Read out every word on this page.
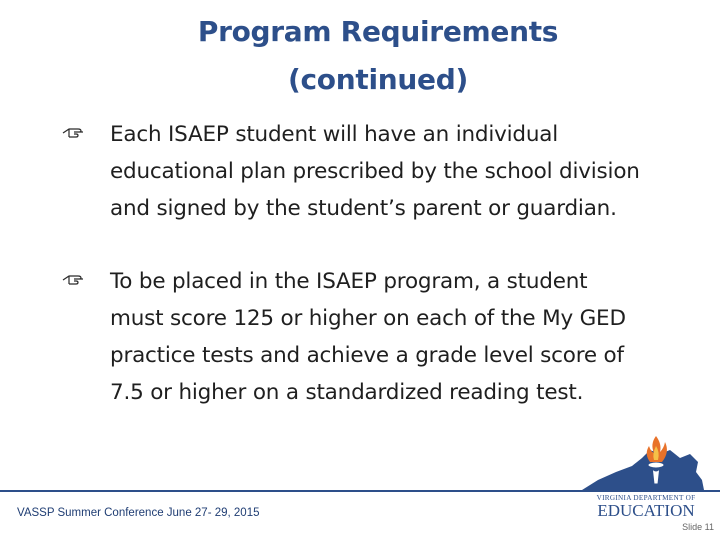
Program Requirements
(continued)
Each ISAEP student will have an individual
educational plan prescribed by the school division
and signed by the student’s parent or guardian.
To be placed in the ISAEP program, a student
must score 125 or higher on each of the My GED
practice tests and achieve a grade level score of
7.5 or higher on a standardized reading test.
VASSP Summer Conference June 27- 29, 2015
VIRGINIA DEPARTMENT OF
EDUCATION
Slide 11
